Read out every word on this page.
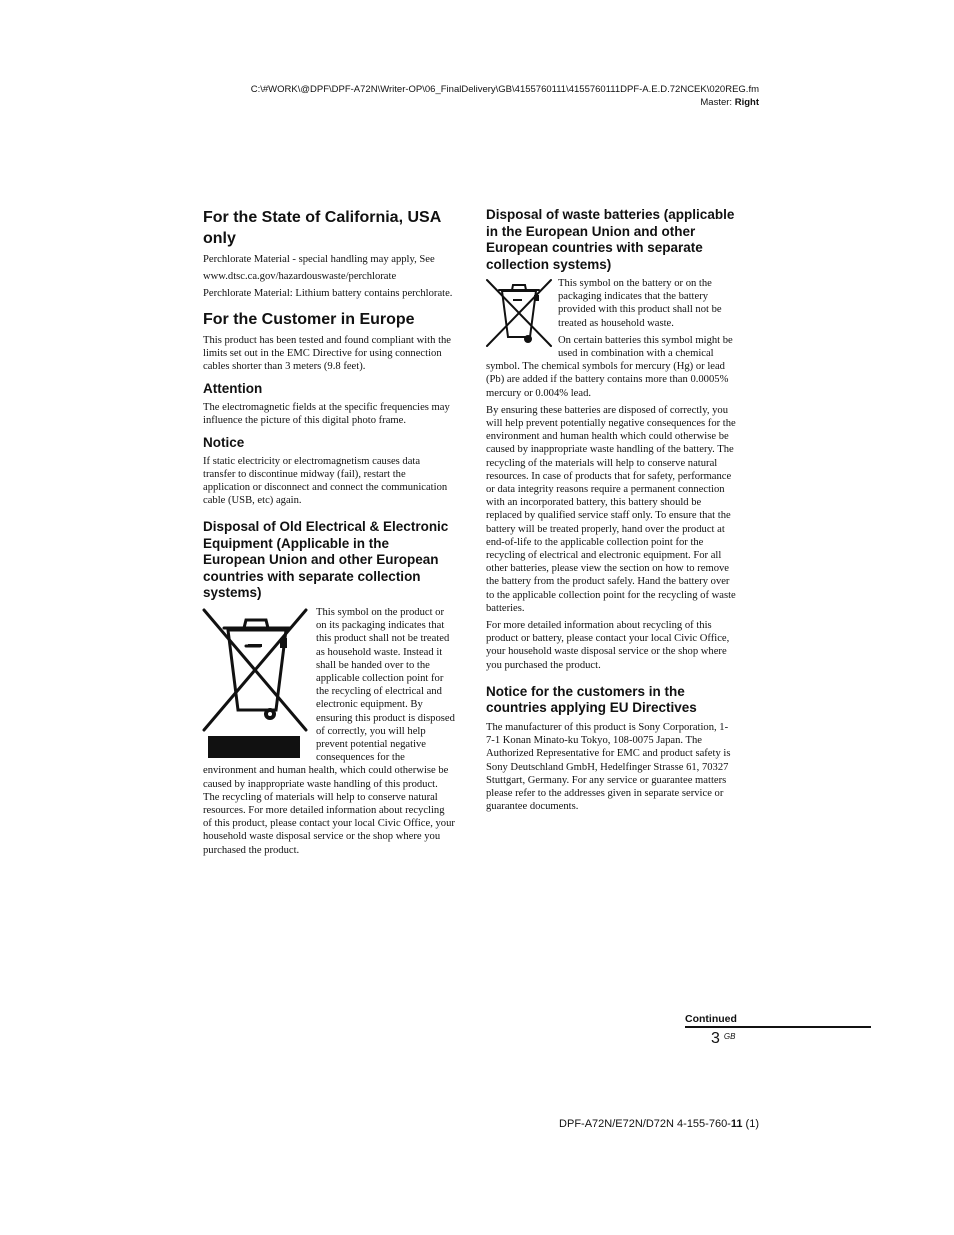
C:\#WORK\@DPF\DPF-A72N\Writer-OP\06_FinalDelivery\GB\4155760111\4155760111DPF-A.E.D.72NCEK\020REG.fm
Master: Right
For the State of California, USA only

Perchlorate Material - special handling may apply, See

www.dtsc.ca.gov/hazardouswaste/perchlorate

Perchlorate Material: Lithium battery contains perchlorate.

For the Customer in Europe

This product has been tested and found compliant with the limits set out in the EMC Directive for using connection cables shorter than 3 meters (9.8 feet).

Attention

The electromagnetic fields at the specific frequencies may influence the picture of this digital photo frame.

Notice

If static electricity or electromagnetism causes data transfer to discontinue midway (fail), restart the application or disconnect and connect the communication cable (USB, etc) again.

Disposal of Old Electrical & Electronic Equipment (Applicable in the European Union and other European countries with separate collection systems)

This symbol on the product or on its packaging indicates that this product shall not be treated as household waste. Instead it shall be handed over to the applicable collection point for the recycling of electrical and electronic equipment. By ensuring this product is disposed of correctly, you will help prevent potential negative consequences for the environment and human health, which could otherwise be caused by inappropriate waste handling of this product. The recycling of materials will help to conserve natural resources. For more detailed information about recycling of this product, please contact your local Civic Office, your household waste disposal service or the shop where you purchased the product.

Disposal of waste batteries (applicable in the European Union and other European countries with separate collection systems)

This symbol on the battery or on the packaging indicates that the battery provided with this product shall not be treated as household waste.

On certain batteries this symbol might be used in combination with a chemical symbol. The chemical symbols for mercury (Hg) or lead (Pb) are added if the battery contains more than 0.0005% mercury or 0.004% lead.

By ensuring these batteries are disposed of correctly, you will help prevent potentially negative consequences for the environment and human health which could otherwise be caused by inappropriate waste handling of the battery. The recycling of the materials will help to conserve natural resources. In case of products that for safety, performance or data integrity reasons require a permanent connection with an incorporated battery, this battery should be replaced by qualified service staff only. To ensure that the battery will be treated properly, hand over the product at end-of-life to the applicable collection point for the recycling of electrical and electronic equipment. For all other batteries, please view the section on how to remove the battery from the product safely. Hand the battery over to the applicable collection point for the recycling of waste batteries.

For more detailed information about recycling of this product or battery, please contact your local Civic Office, your household waste disposal service or the shop where you purchased the product.

Notice for the customers in the countries applying EU Directives

The manufacturer of this product is Sony Corporation, 1-7-1 Konan Minato-ku Tokyo, 108-0075 Japan. The Authorized Representative for EMC and product safety is Sony Deutschland GmbH, Hedelfinger Strasse 61, 70327 Stuttgart, Germany. For any service or guarantee matters please refer to the addresses given in separate service or guarantee documents.

Continued
3 $^{GB}$
DPF-A72N/E72N/D72N 4-155-760-11 (1)
